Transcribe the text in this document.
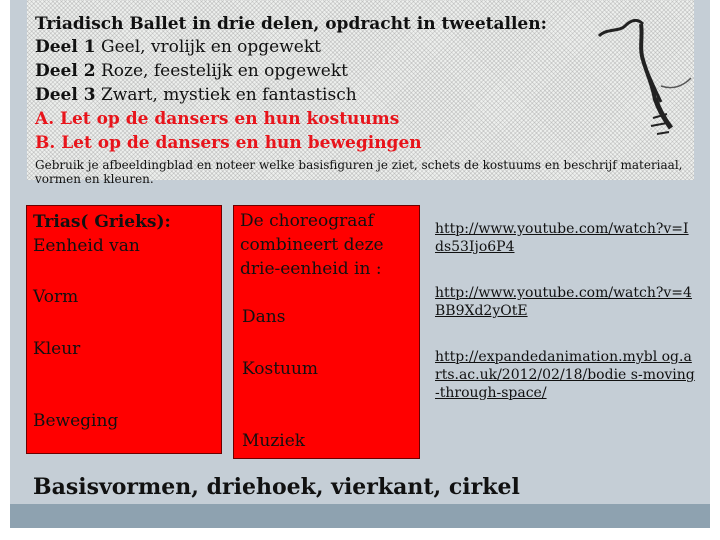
Triadisch Ballet in drie delen, opdracht in tweetallen:
Deel 1 Geel, vrolijk en opgewekt
Deel 2 Roze, feestelijk en opgewekt
Deel 3 Zwart, mystiek en fantastisch
A. Let op de dansers en hun kostuums
B. Let op de dansers en hun bewegingen
Gebruik je afbeeldingblad en noteer welke basisfiguren je ziet, schets de kostuums en beschrijf materiaal, vormen en kleuren.
Trias( Grieks):
Eenheid van
Vorm
Kleur
Beweging
De choreograaf
combineert deze
drie-eenheid in :
Dans
Kostuum
Muziek
http://www.youtube.com/watch?v=Ids53Ijo6P4
http://www.youtube.com/watch?v=4BB9Xd2yOtE
http://expandedanimation.mybl og.arts.ac.uk/2012/02/18/bodie s-moving-through-space/
Basisvormen, driehoek, vierkant, cirkel
